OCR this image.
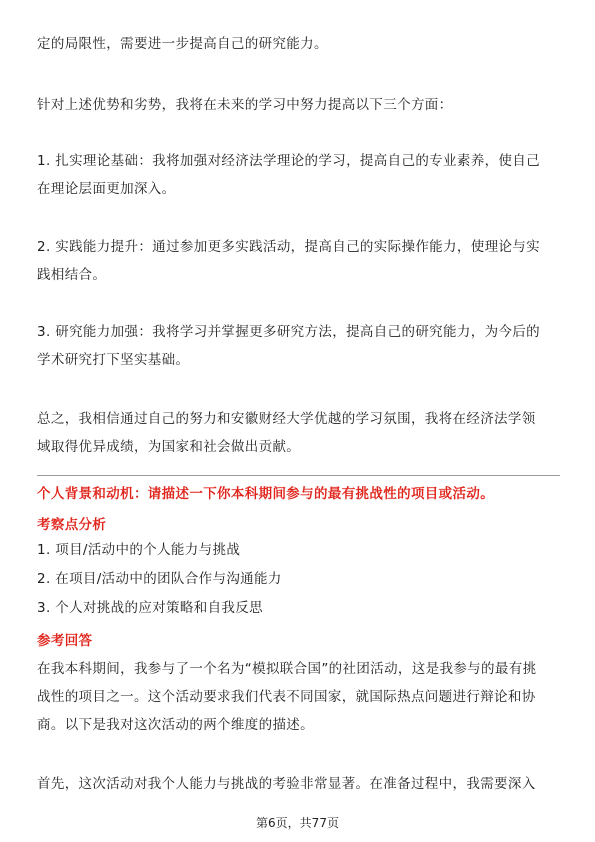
定的局限性，需要进一步提高自己的研究能力。

针对上述优势和劣势，我将在未来的学习中努力提高以下三个方面：

1. 扎实理论基础：我将加强对经济法学理论的学习，提高自己的专业素养，使自己
在理论层面更加深入。

2. 实践能力提升：通过参加更多实践活动，提高自己的实际操作能力，使理论与实
践相结合。

3. 研究能力加强：我将学习并掌握更多研究方法，提高自己的研究能力，为今后的
学术研究打下坚实基础。

总之，我相信通过自己的努力和安徽财经大学优越的学习氛围，我将在经济法学领
域取得优异成绩，为国家和社会做出贡献。

个人背景和动机：请描述一下你本科期间参与的最有挑战性的项目或活动。
考察点分析
1. 项目/活动中的个人能力与挑战
2. 在项目/活动中的团队合作与沟通能力
3. 个人对挑战的应对策略和自我反思
参考回答

在我本科期间，我参与了一个名为“模拟联合国”的社团活动，这是我参与的最有挑
战性的项目之一。这个活动要求我们代表不同国家，就国际热点问题进行辩论和协
商。以下是我对这次活动的两个维度的描述。

首先，这次活动对我个人能力与挑战的考验非常显著。在准备过程中，我需要深入

第6页，共77页
